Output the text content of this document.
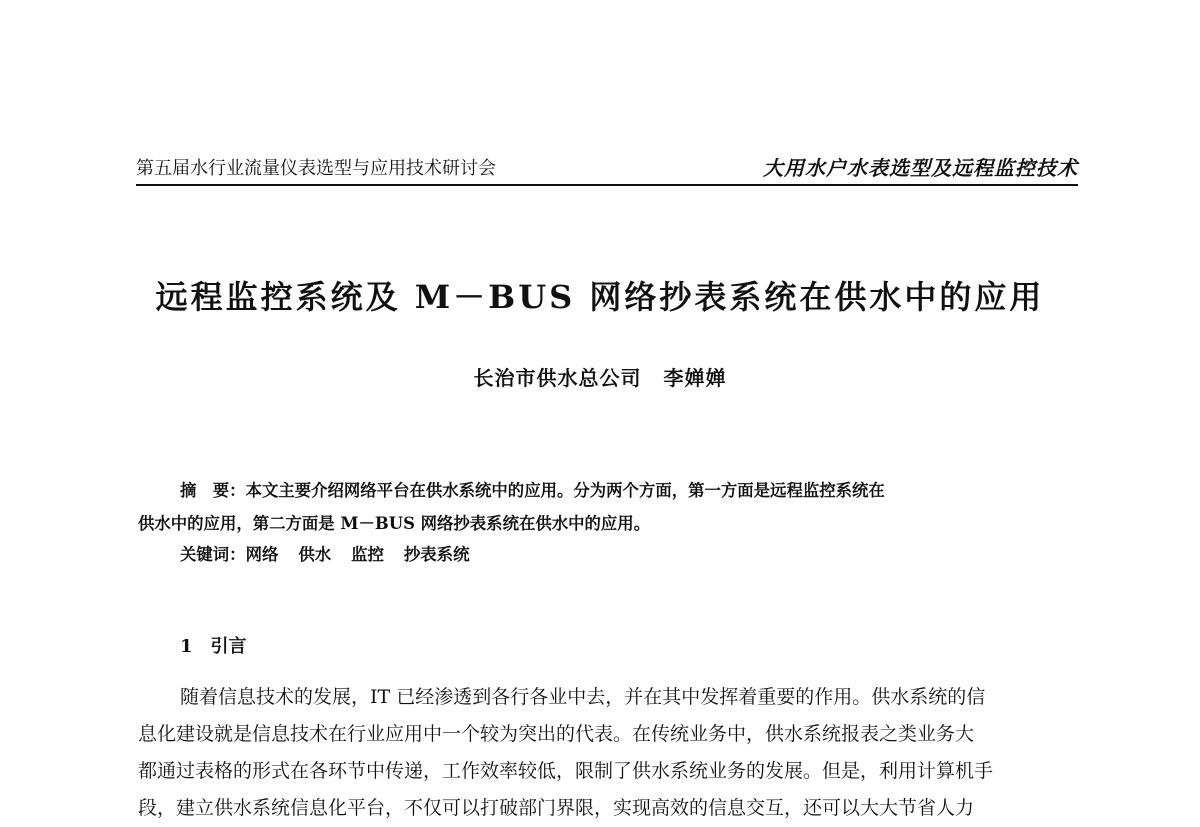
第五届水行业流量仪表选型与应用技术研讨会	大用水户水表选型及远程监控技术
远程监控系统及 M－BUS 网络抄表系统在供水中的应用
长治市供水总公司 李婵婵
摘　要：本文主要介绍网络平台在供水系统中的应用。分为两个方面，第一方面是远程监控系统在
供水中的应用，第二方面是 M－BUS 网络抄表系统在供水中的应用。
关键词：网络 供水 监控 抄表系统
1 引言
随着信息技术的发展，IT 已经渗透到各行各业中去，并在其中发挥着重要的作用。供水系统的信
息化建设就是信息技术在行业应用中一个较为突出的代表。在传统业务中，供水系统报表之类业务大
都通过表格的形式在各环节中传递，工作效率较低，限制了供水系统业务的发展。但是，利用计算机手
段，建立供水系统信息化平台，不仅可以打破部门界限，实现高效的信息交互，还可以大大节省人力
